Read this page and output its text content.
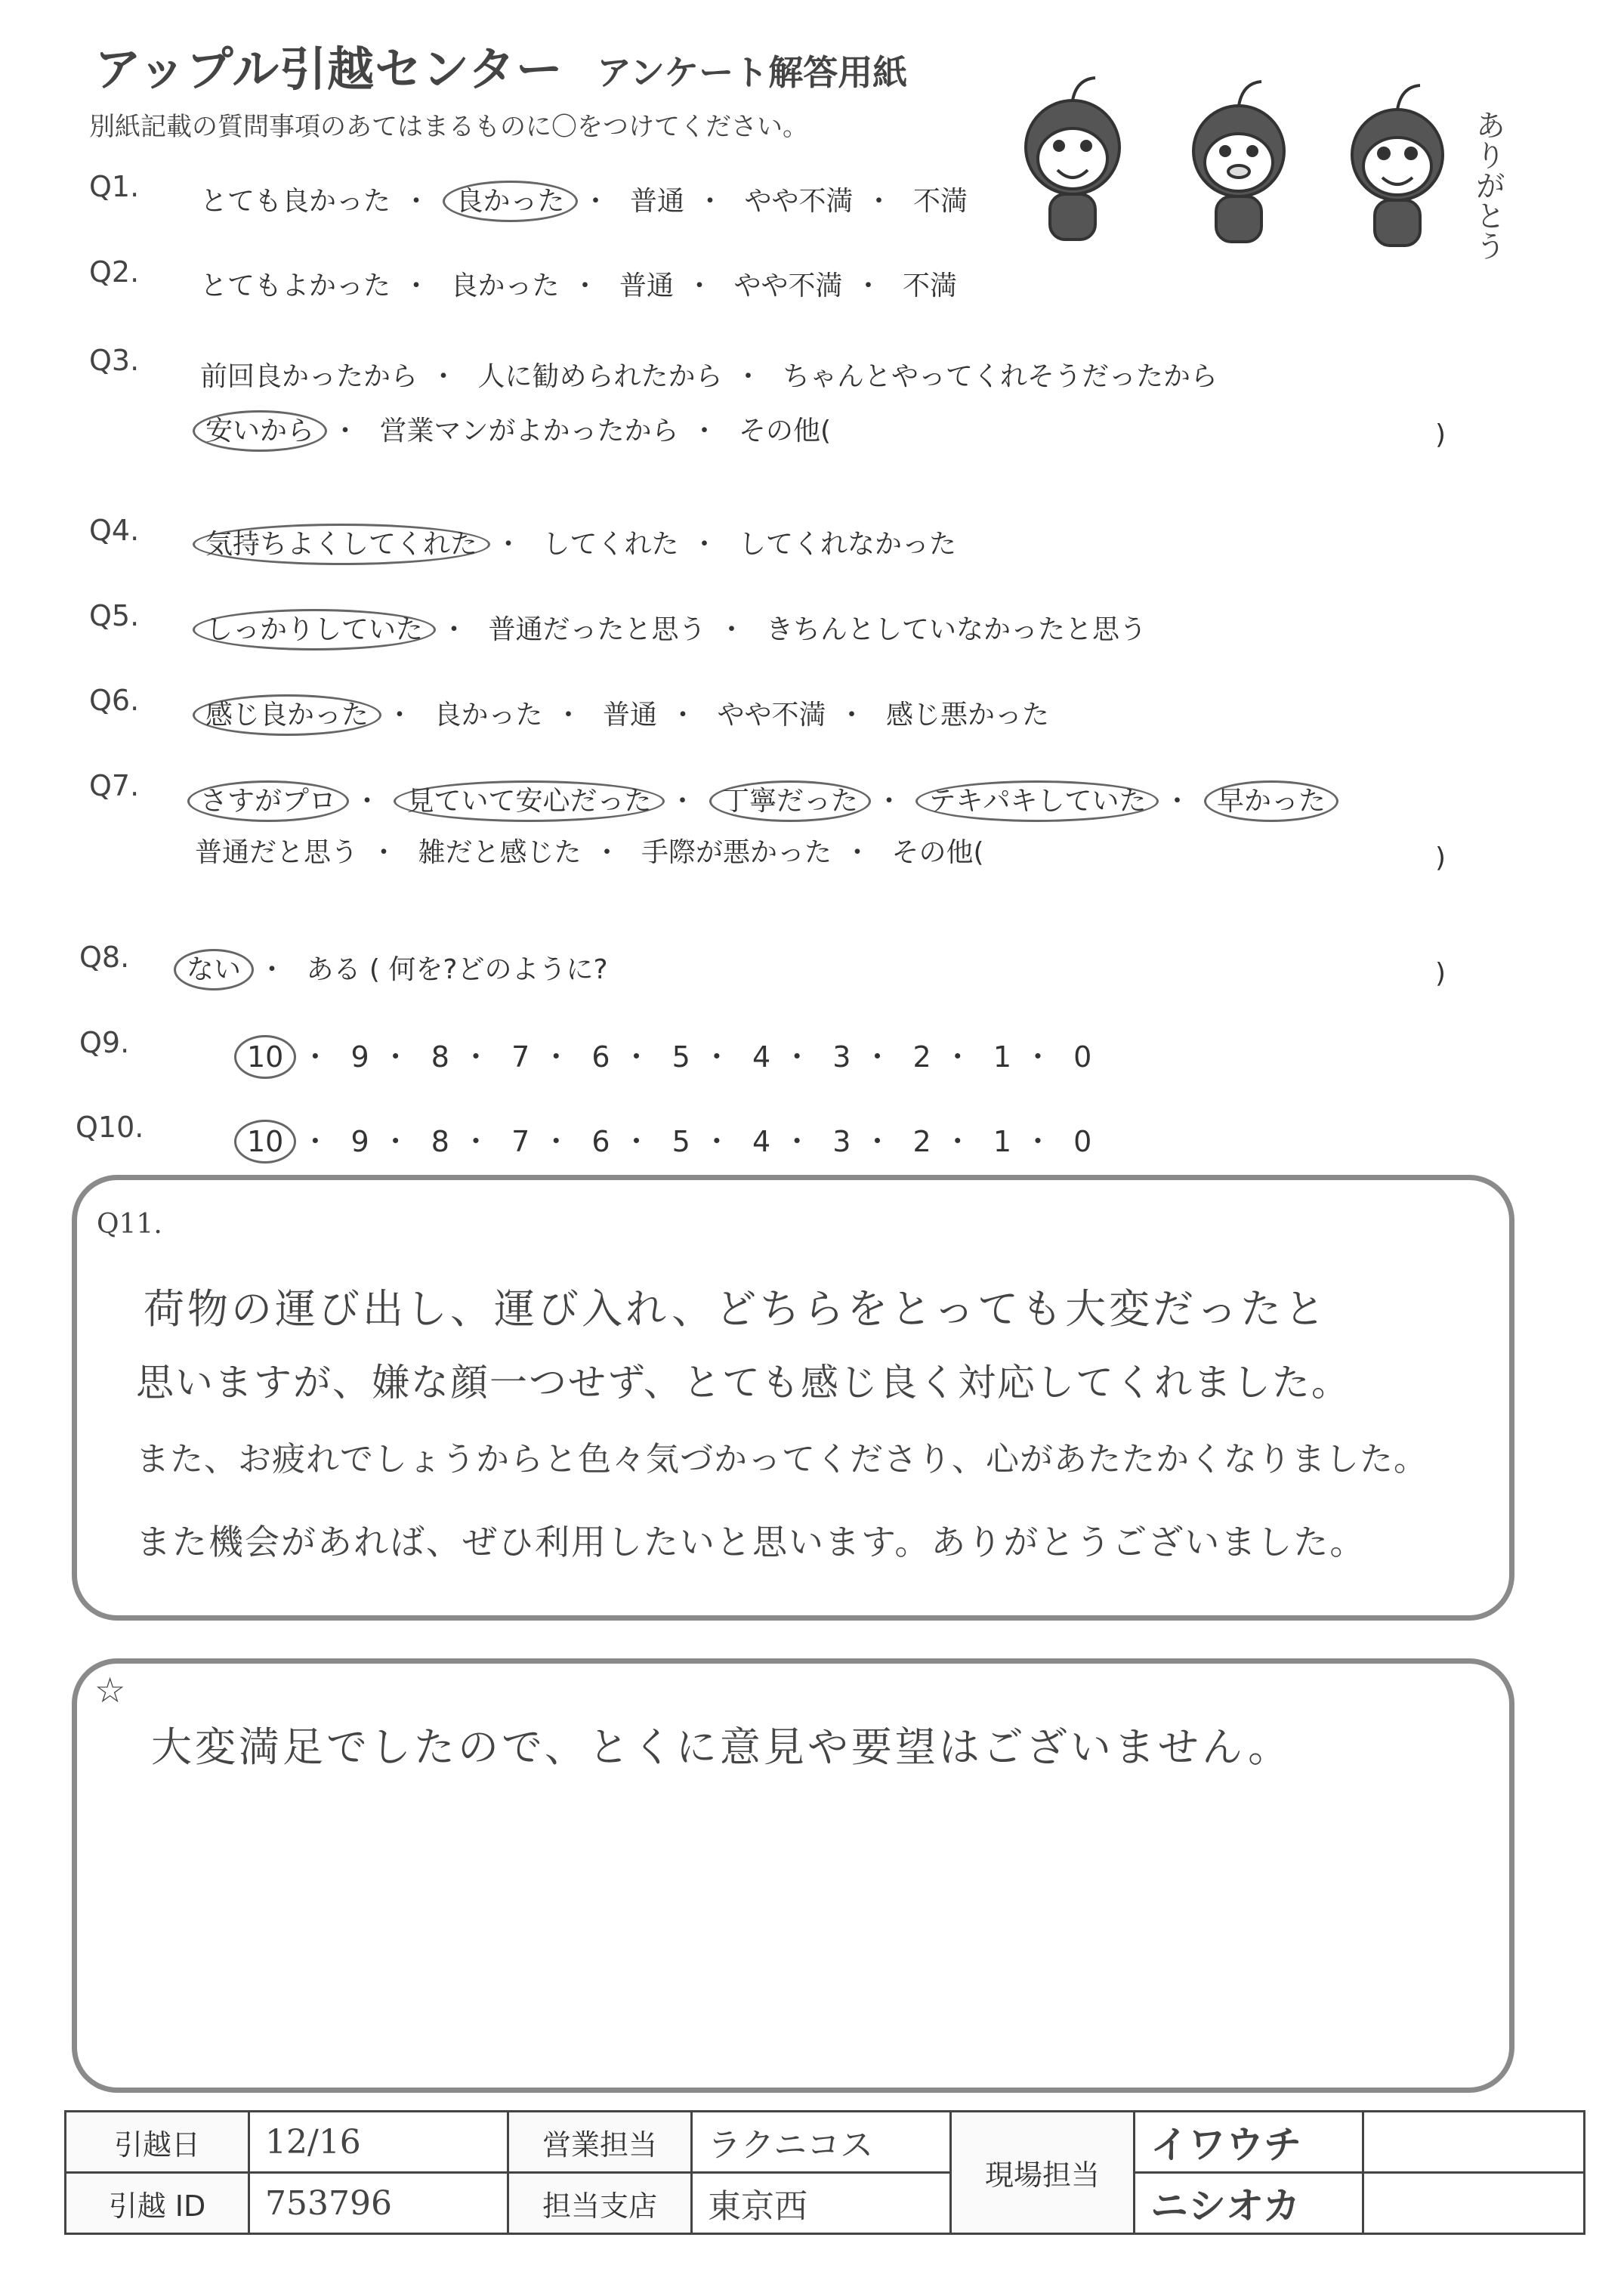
アップル引越センター アンケート解答用紙
別紙記載の質問事項のあてはまるものに〇をつけてください。	ありがとう
Q1. とても良かった ・ 良かった ・ 普通 ・ やや不満 ・ 不満
Q2. とてもよかった ・ 良かった ・ 普通 ・ やや不満 ・ 不満
Q3. 前回良かったから ・ 人に勧められたから ・ ちゃんとやってくれそうだったから
安いから ・ 営業マンがよかったから ・ その他(	)
Q4. 気持ちよくしてくれた ・ してくれた ・ してくれなかった
Q5. しっかりしていた ・ 普通だったと思う ・ きちんとしていなかったと思う
Q6. 感じ良かった ・ 良かった ・ 普通 ・ やや不満 ・ 感じ悪かった
Q7. さすがプロ ・ 見ていて安心だった ・ 丁寧だった ・ テキパキしていた ・ 早かった
普通だと思う ・ 雑だと感じた ・ 手際が悪かった ・ その他(	)
Q8. ない ・ ある ( 何を?どのように?	)
Q9.	10 ・ 9 ・ 8 ・ 7 ・ 6 ・ 5 ・ 4 ・ 3 ・ 2 ・ 1 ・ 0
Q10.	10 ・ 9 ・ 8 ・ 7 ・ 6 ・ 5 ・ 4 ・ 3 ・ 2 ・ 1 ・ 0
Q11.
荷物の運び出し、運び入れ、どちらをとっても大変だったと
思いますが、嫌な顔一つせず、とても感じ良く対応してくれました。
また、お疲れでしょうからと色々気づかってくださり、心があたたかくなりました。
また機会があれば、ぜひ利用したいと思います。ありがとうございました。
☆
大変満足でしたので、とくに意見や要望はございません。
引越日	12/16	営業担当	ラクニコス	現場担当	イワウチ	
引越 ID	753796	担当支店	東京西		ニシオカ	
